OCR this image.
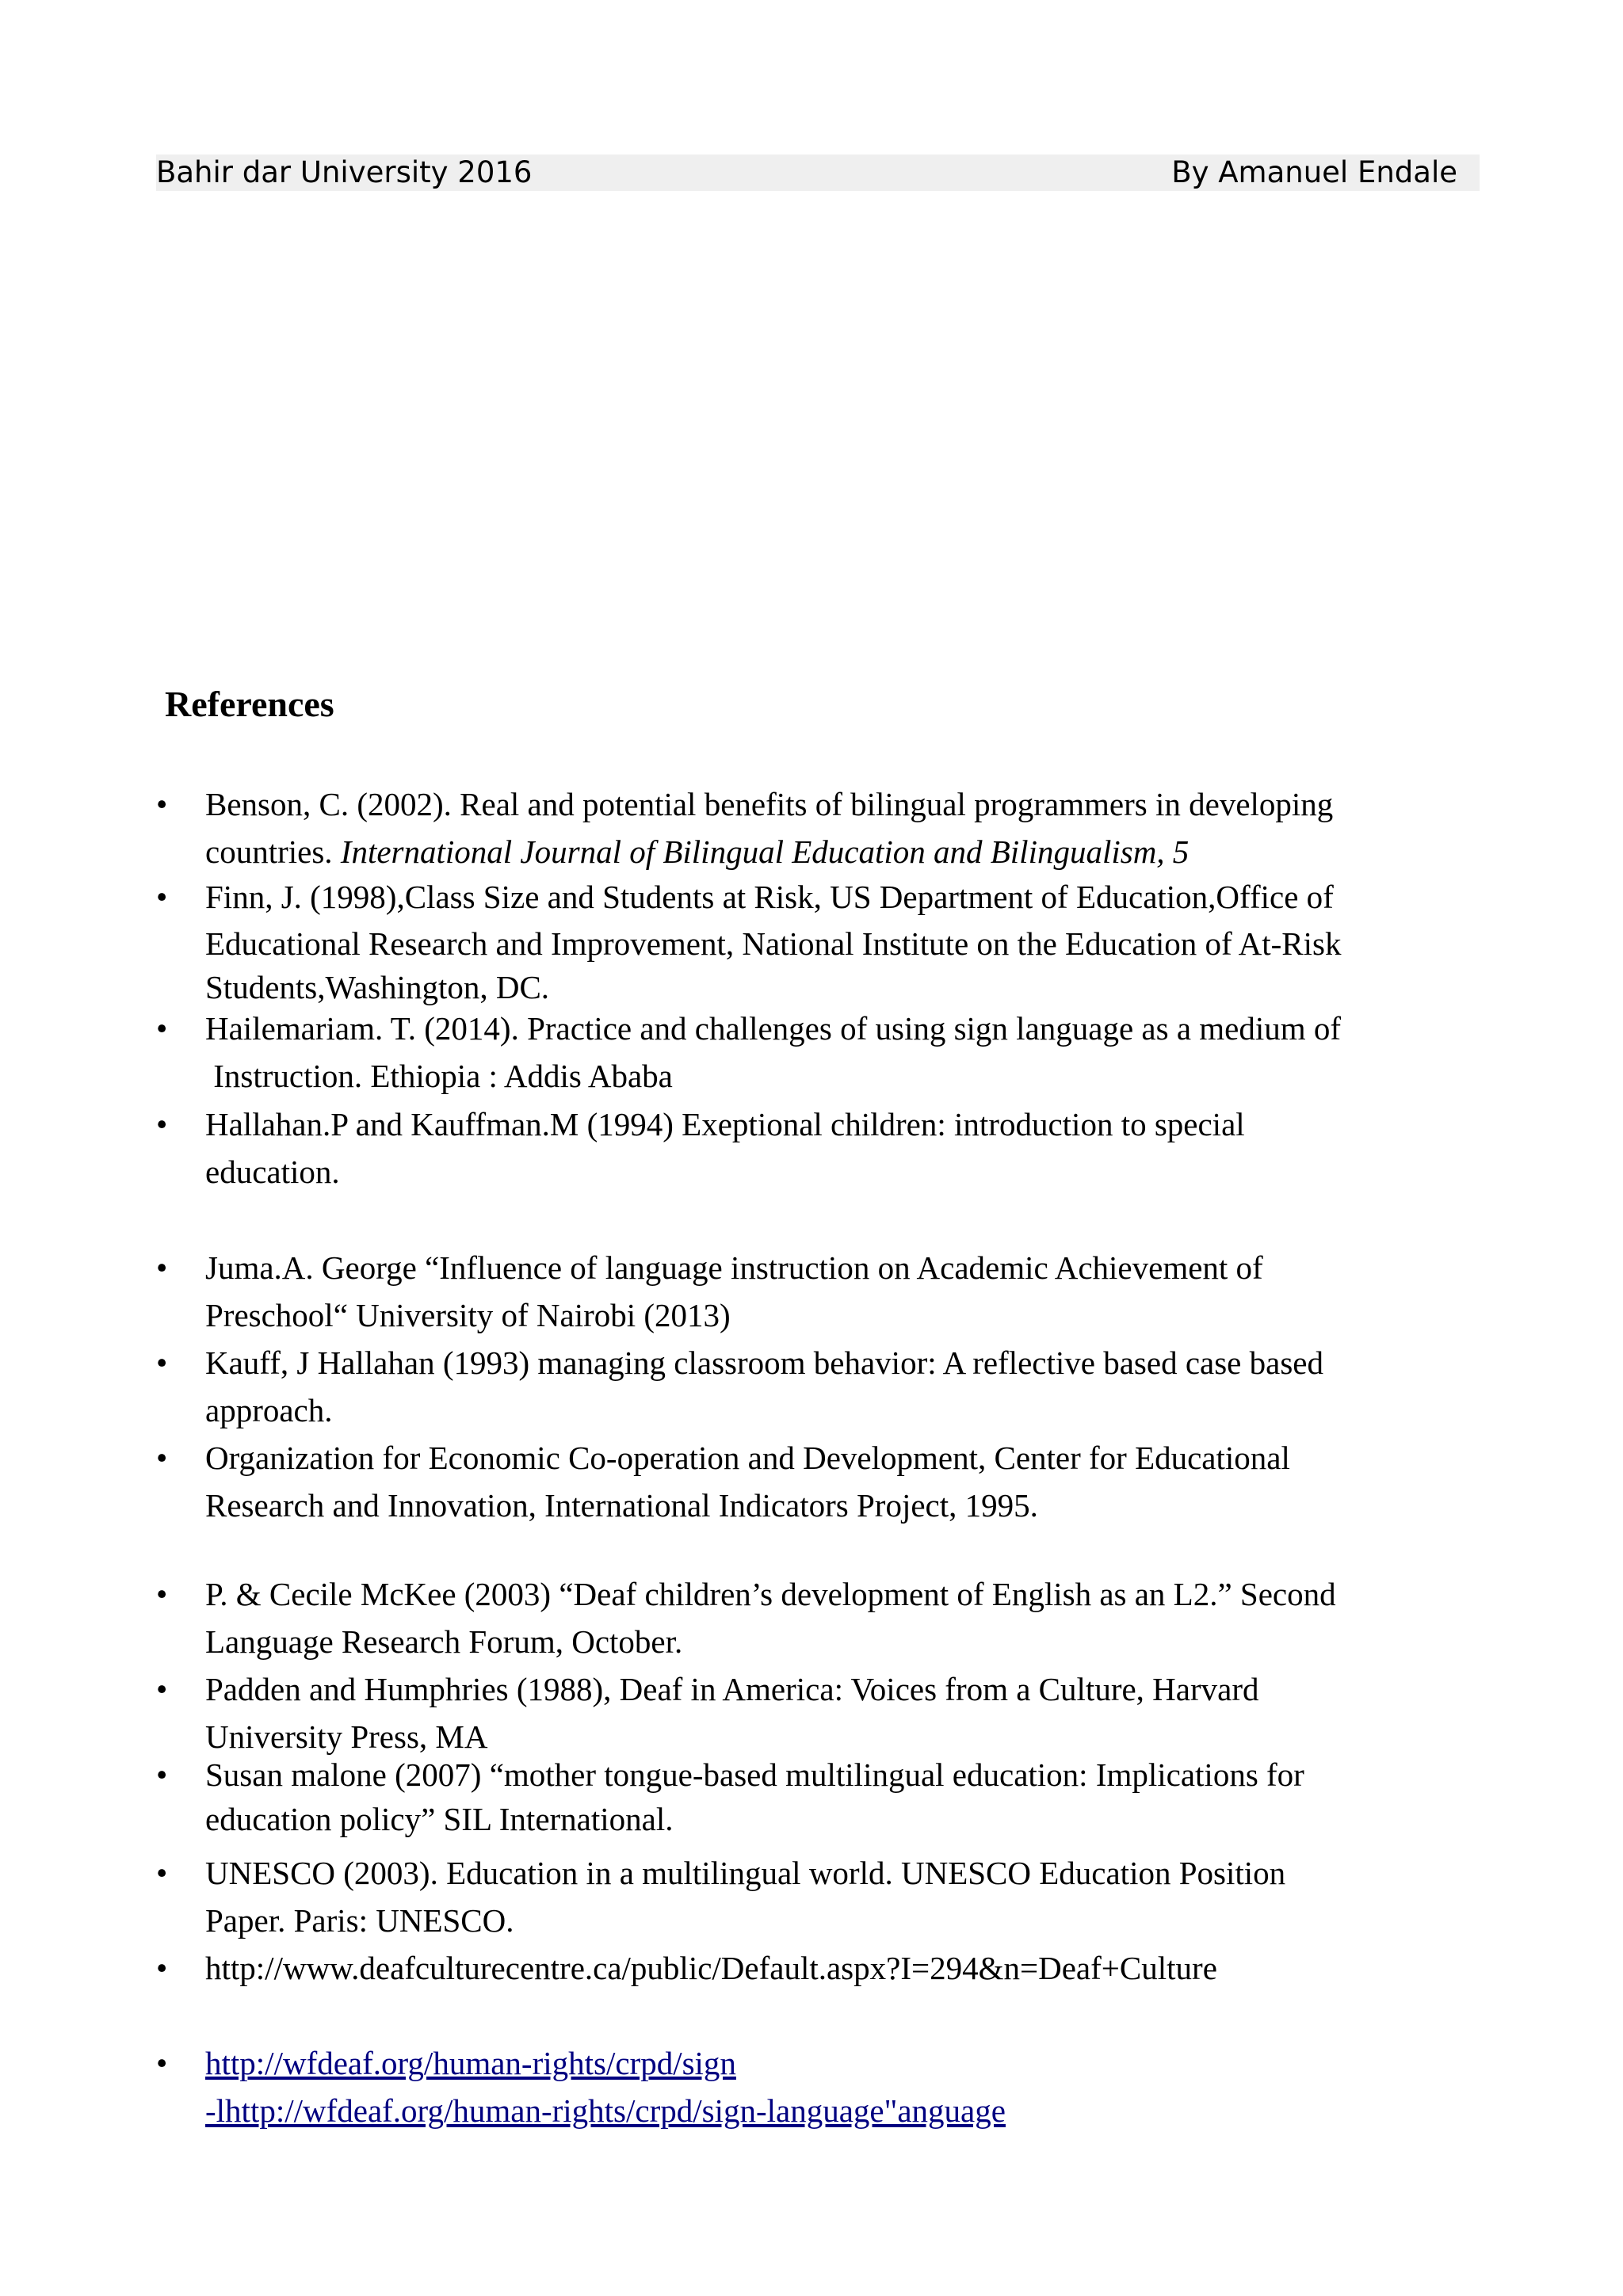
Bahir dar University 2016	By Amanuel Endale
References
• Benson, C. (2002). Real and potential benefits of bilingual programmers in developing
countries. International Journal of Bilingual Education and Bilingualism, 5
• Finn, J. (1998),Class Size and Students at Risk, US Department of Education,Office of
Educational Research and Improvement, National Institute on the Education of At-Risk
Students,Washington, DC.
• Hailemariam. T. (2014). Practice and challenges of using sign language as a medium of
Instruction. Ethiopia : Addis Ababa
• Hallahan.P and Kauffman.M (1994) Exeptional children: introduction to special
education.
• Juma.A. George “Influence of language instruction on Academic Achievement of
Preschool“ University of Nairobi (2013)
• Kauff, J Hallahan (1993) managing classroom behavior: A reflective based case based
approach.
• Organization for Economic Co-operation and Development, Center for Educational
Research and Innovation, International Indicators Project, 1995.
• P. & Cecile McKee (2003) “Deaf children’s development of English as an L2.” Second
Language Research Forum, October.
• Padden and Humphries (1988), Deaf in America: Voices from a Culture, Harvard
University Press, MA
• Susan malone (2007) “mother tongue-based multilingual education: Implications for
education policy” SIL International.
• UNESCO (2003). Education in a multilingual world. UNESCO Education Position
Paper. Paris: UNESCO.
• http://www.deafculturecentre.ca/public/Default.aspx?I=294&n=Deaf+Culture
• http://wfdeaf.org/human-rights/crpd/sign
-lhttp://wfdeaf.org/human-rights/crpd/sign-language"anguage
